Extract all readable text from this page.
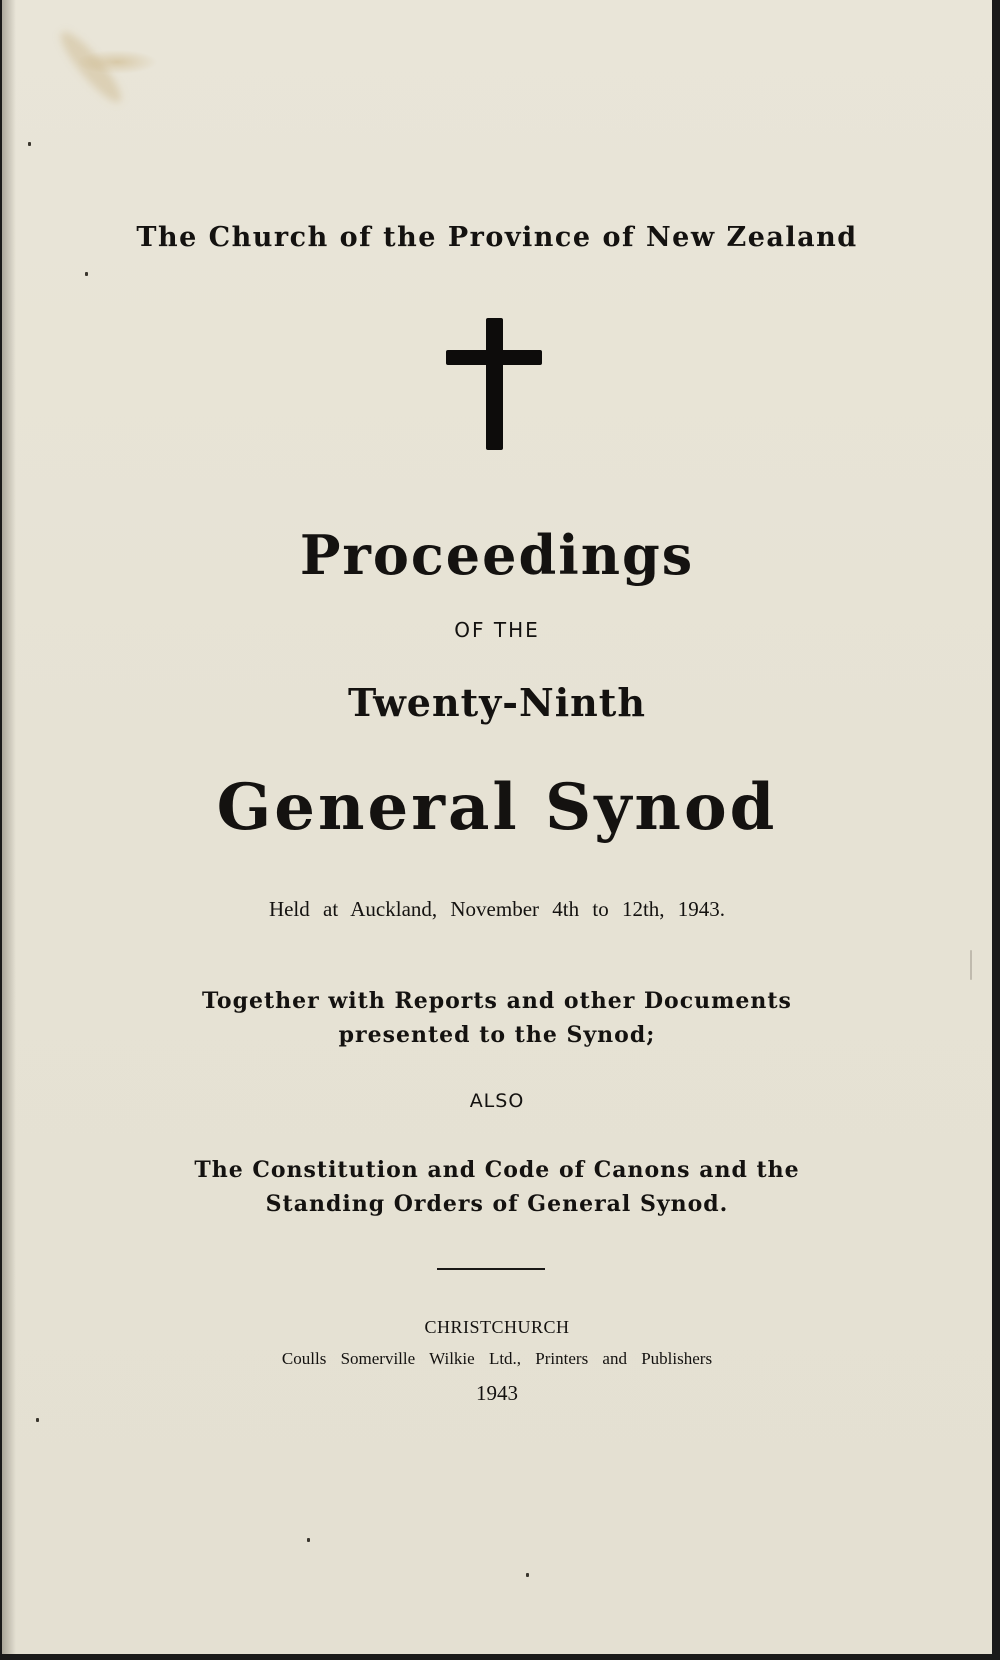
The Church of the Province of New Zealand
Proceedings
OF THE
Twenty-Ninth
General Synod
Held at Auckland, November 4th to 12th, 1943.
Together with Reports and other Documents
presented to the Synod;
ALSO
The Constitution and Code of Canons and the
Standing Orders of General Synod.
CHRISTCHURCH
Coulls Somerville Wilkie Ltd., Printers and Publishers
1943
